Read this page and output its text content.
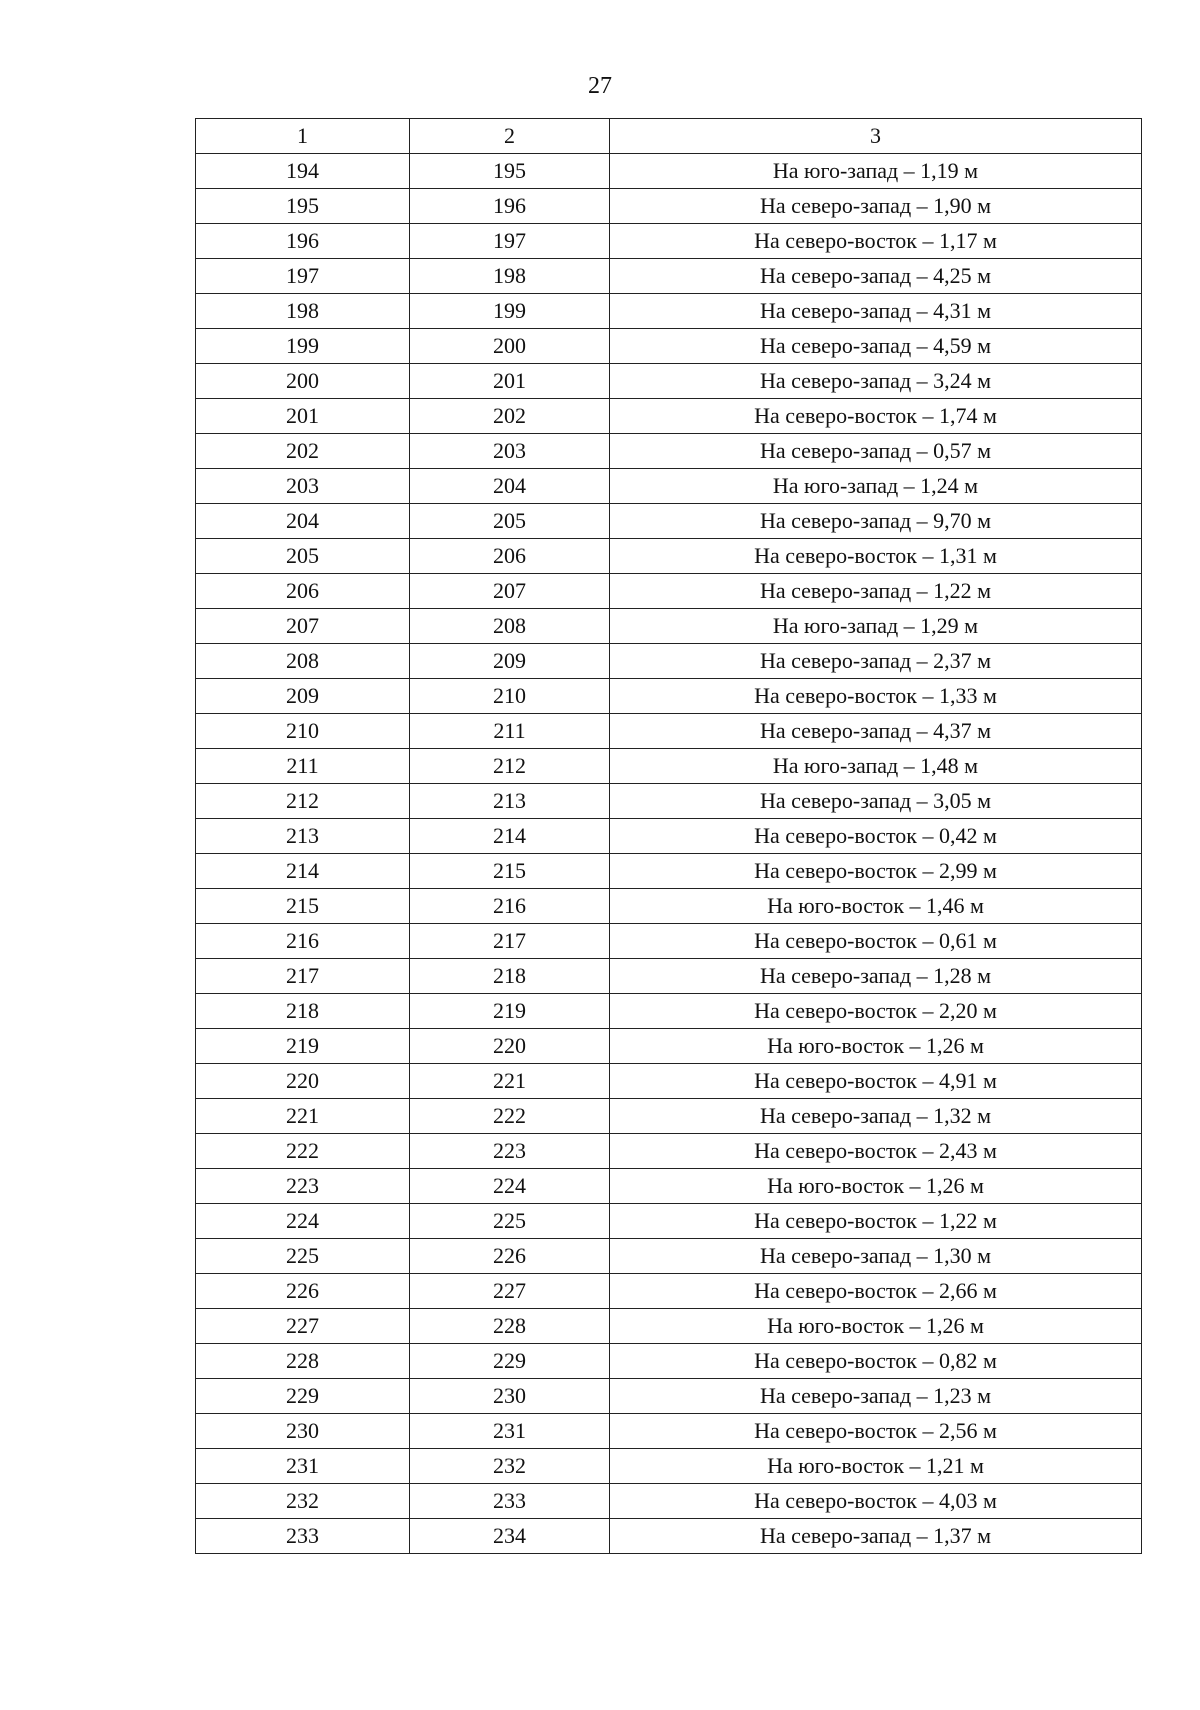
27
1	2	3
194	195	На юго-запад – 1,19 м
195	196	На северо-запад – 1,90 м
196	197	На северо-восток – 1,17 м
197	198	На северо-запад – 4,25 м
198	199	На северо-запад – 4,31 м
199	200	На северо-запад – 4,59 м
200	201	На северо-запад – 3,24 м
201	202	На северо-восток – 1,74 м
202	203	На северо-запад – 0,57 м
203	204	На юго-запад – 1,24 м
204	205	На северо-запад – 9,70 м
205	206	На северо-восток – 1,31 м
206	207	На северо-запад – 1,22 м
207	208	На юго-запад – 1,29 м
208	209	На северо-запад – 2,37 м
209	210	На северо-восток – 1,33 м
210	211	На северо-запад – 4,37 м
211	212	На юго-запад – 1,48 м
212	213	На северо-запад – 3,05 м
213	214	На северо-восток – 0,42 м
214	215	На северо-восток – 2,99 м
215	216	На юго-восток – 1,46 м
216	217	На северо-восток – 0,61 м
217	218	На северо-запад – 1,28 м
218	219	На северо-восток – 2,20 м
219	220	На юго-восток – 1,26 м
220	221	На северо-восток – 4,91 м
221	222	На северо-запад – 1,32 м
222	223	На северо-восток – 2,43 м
223	224	На юго-восток – 1,26 м
224	225	На северо-восток – 1,22 м
225	226	На северо-запад – 1,30 м
226	227	На северо-восток – 2,66 м
227	228	На юго-восток – 1,26 м
228	229	На северо-восток – 0,82 м
229	230	На северо-запад – 1,23 м
230	231	На северо-восток – 2,56 м
231	232	На юго-восток – 1,21 м
232	233	На северо-восток – 4,03 м
233	234	На северо-запад – 1,37 м
